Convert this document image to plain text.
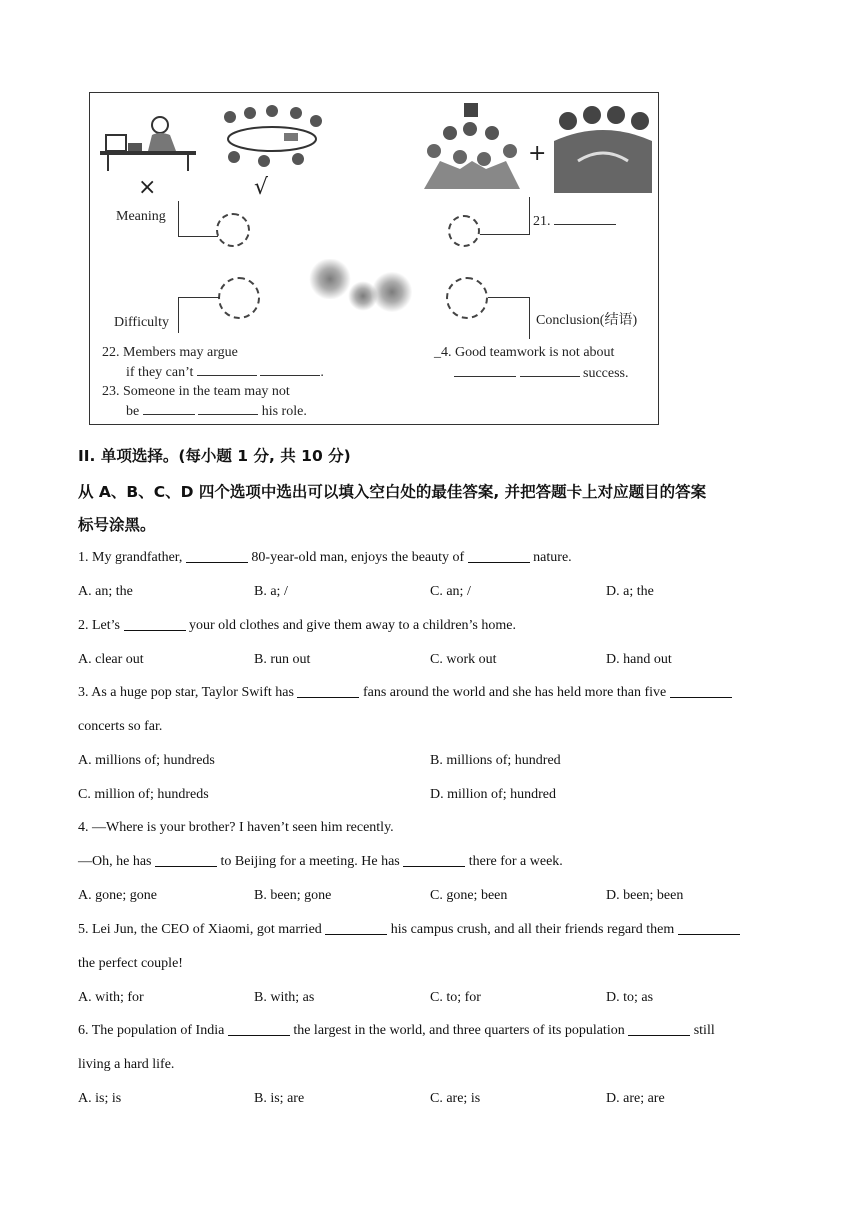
×	√
+
Meaning	21.
Difficulty	Conclusion(结语)
22. Members may argue
if they can’t	.
23. Someone in the team may not
be	his role.
_4. Good teamwork is not about
success.
II. 单项选择。(每小题 1 分, 共 10 分)
从 A、B、C、D 四个选项中选出可以填入空白处的最佳答案, 并把答题卡上对应题目的答案
标号涂黑。
1. My grandfather,	80-year-old man, enjoys the beauty of	nature.
A. an; the	B. a; /	C. an; /	D. a; the
2. Let’s	your old clothes and give them away to a children’s home.
A. clear out	B. run out	C. work out	D. hand out
3. As a huge pop star, Taylor Swift has	fans around the world and she has held more than five
concerts so far.
A. millions of; hundreds	B. millions of; hundred
C. million of; hundreds	D. million of; hundred
4. —Where is your brother? I haven’t seen him recently.
—Oh, he has	to Beijing for a meeting. He has	there for a week.
A. gone; gone	B. been; gone	C. gone; been	D. been; been
5. Lei Jun, the CEO of Xiaomi, got married	his campus crush, and all their friends regard them
the perfect couple!
A. with; for	B. with; as	C. to; for	D. to; as
6. The population of India	the largest in the world, and three quarters of its population	still
living a hard life.
A. is; is	B. is; are	C. are; is	D. are; are
